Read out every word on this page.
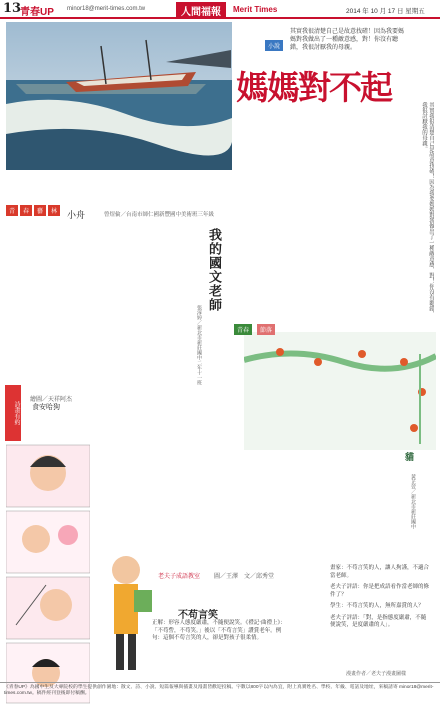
13
青春UP minor18@merit-times.com.tw	人間福報	Merit Times	2014 年 10 月 17 日 星期五
青	春	藝	林	小舟	曾煜倫／台南市師仁國新豐國中美術班三年級
小說
其實我很清楚自己是故意找碴！因為我要媽媽對我做出了一種敵意感，對！你沒有聽錯，我很討厭我的母親。
媽媽對不起
其實我很清楚自己是故意找碴！因為我要媽媽對我做出了一種敵意感，對！你沒有聽錯，我很討厭我的母親。
我的國文老師
張淳婷／新北市新莊國中二年十一班
詩畫有約
繪圖／天祥阿杰
食安哈狗
青春	節落
貓
黃芷萱／新北市新莊國中
老夫子成語教室 圖／王澤　文／邱秀堂
不苟言笑
正解：形容人態度嚴肅，不隨便說笑。《禮記·曲禮上》：「不苟訾，不苟笑。」後以「不苟言笑」讚賞老年。例句：這個不苟言笑的人，卻是對孩子很柔情。

畫家：不苟言笑的人，讓人拘謹，不適合當老師。

老夫子評語：你是把成語看作當老師的條件了？

學生：不苟言笑的人，無所嘉賞的人？

老夫子評語：「對，是指態度嚴肅，不隨便說笑，是度嚴肅的人」。

漫畫作者／老夫子漫畫圖樣
《青春UP》為國中生及大專院校的學生提供創作園地：散文、詩、小說、短篇報導與插畫及漫畫皆歡迎投稿。字數以800字以內為宜，附上真實姓名、學校、年級、電話及地址，來稿請寄 minor18@merit-times.com.tw。稿件經刊登後即付稿酬。
